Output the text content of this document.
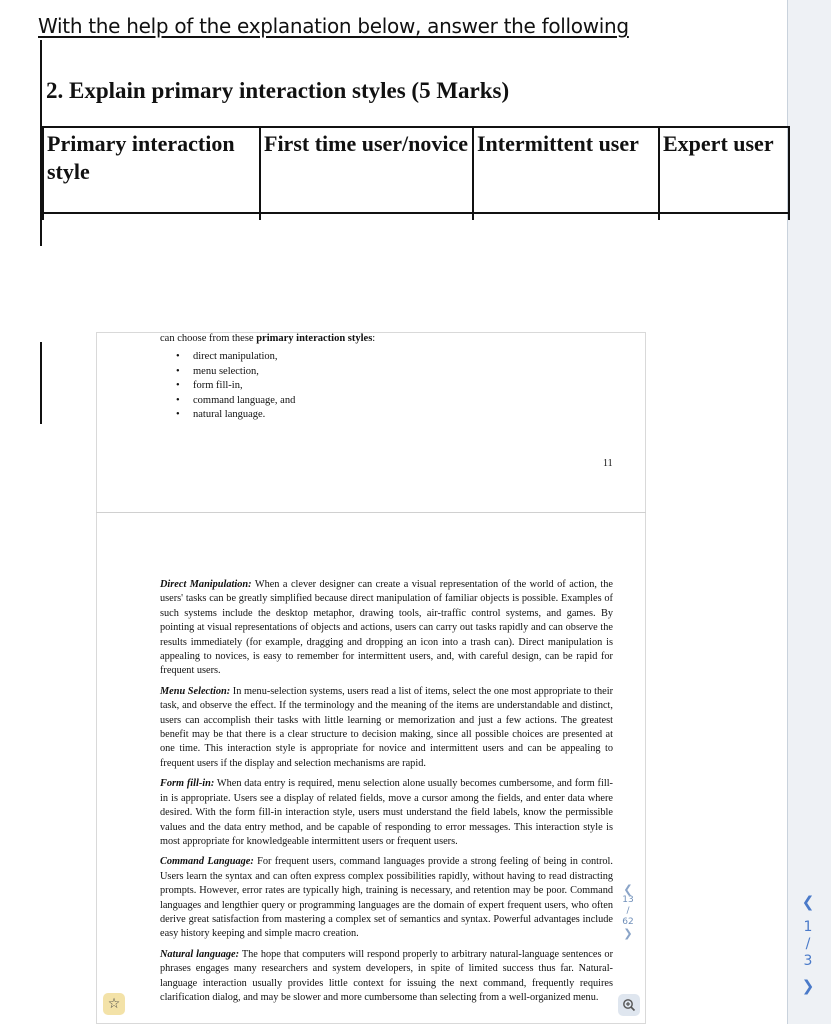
With the help of the explanation below, answer the following
2. Explain primary interaction styles (5 Marks)
Primary interaction style	First time user/novice	Intermittent user	Expert user

can choose from these primary interaction styles:
• direct manipulation,
• menu selection,
• form fill-in,
• command language, and
• natural language.
11

Direct Manipulation: When a clever designer can create a visual representation of the world of action, the users' tasks can be greatly simplified because direct manipulation of familiar objects is possible. Examples of such systems include the desktop metaphor, drawing tools, air-traffic control systems, and games. By pointing at visual representations of objects and actions, users can carry out tasks rapidly and can observe the results immediately (for example, dragging and dropping an icon into a trash can). Direct manipulation is appealing to novices, is easy to remember for intermittent users, and, with careful design, can be rapid for frequent users.

Menu Selection: In menu-selection systems, users read a list of items, select the one most appropriate to their task, and observe the effect. If the terminology and the meaning of the items are understandable and distinct, users can accomplish their tasks with little learning or memorization and just a few actions. The greatest benefit may be that there is a clear structure to decision making, since all possible choices are presented at one time. This interaction style is appropriate for novice and intermittent users and can be appealing to frequent users if the display and selection mechanisms are rapid.

Form fill-in: When data entry is required, menu selection alone usually becomes cumbersome, and form fill-in is appropriate. Users see a display of related fields, move a cursor among the fields, and enter data where desired. With the form fill-in interaction style, users must understand the field labels, know the permissible values and the data entry method, and be capable of responding to error messages. This interaction style is most appropriate for knowledgeable intermittent users or frequent users.

Command Language: For frequent users, command languages provide a strong feeling of being in control. Users learn the syntax and can often express complex possibilities rapidly, without having to read distracting prompts. However, error rates are typically high, training is necessary, and retention may be poor. Command languages and lengthier query or programming languages are the domain of expert frequent users, who often derive great satisfaction from mastering a complex set of semantics and syntax. Powerful advantages include easy history keeping and simple macro creation.

Natural language: The hope that computers will respond properly to arbitrary natural-language sentences or phrases engages many researchers and system developers, in spite of limited success thus far. Natural-language interaction usually provides little context for issuing the next command, frequently requires clarification dialog, and may be slower and more cumbersome than selecting from a well-organized menu.

❮
13
/
62
❯
❮
1
/
3
❯
☆
